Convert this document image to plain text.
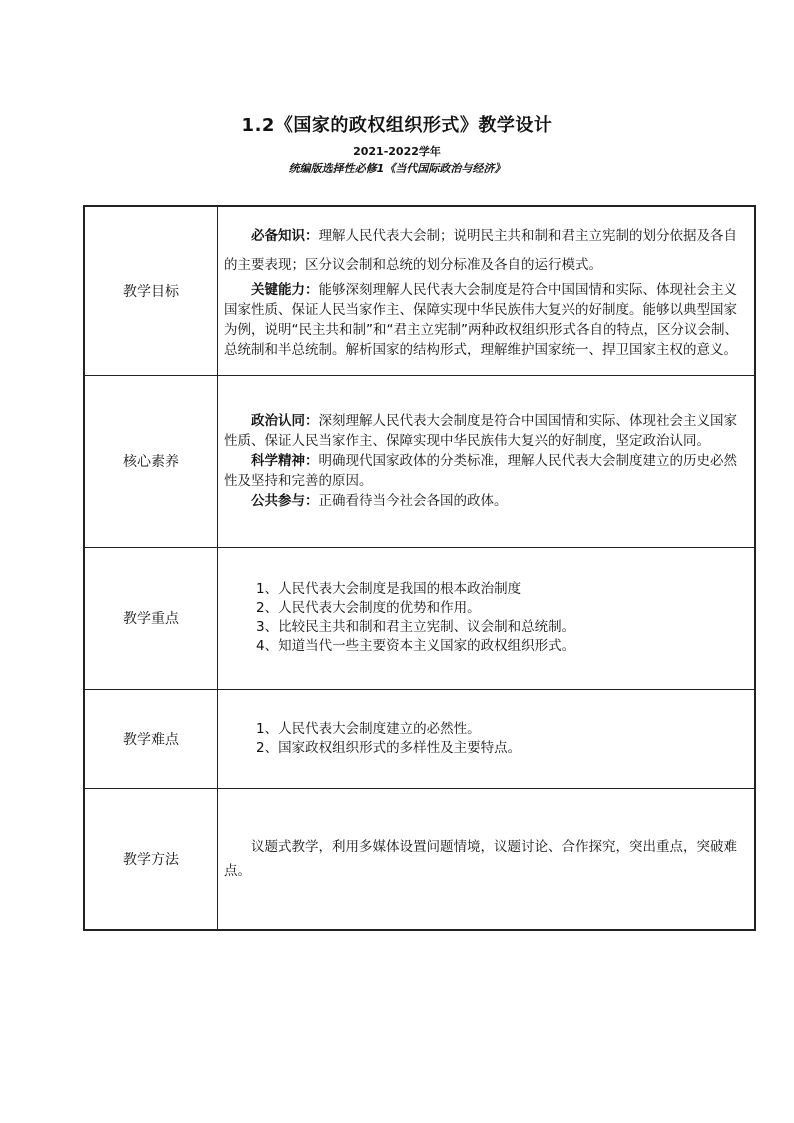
1.2《国家的政权组织形式》教学设计
2021-2022学年
统编版选择性必修1《当代国际政治与经济》
教学目标	必备知识：理解人民代表大会制；说明民主共和制和君主立宪制的划分依据及各自的主要表现；区分议会制和总统的划分标准及各自的运行模式。

关键能力：能够深刻理解人民代表大会制度是符合中国国情和实际、体现社会主义国家性质、保证人民当家作主、保障实现中华民族伟大复兴的好制度。能够以典型国家为例，说明“民主共和制”和“君主立宪制”两种政权组织形式各自的特点，区分议会制、总统制和半总统制。解析国家的结构形式，理解维护国家统一、捍卫国家主权的意义。

核心素养	政治认同：深刻理解人民代表大会制度是符合中国国情和实际、体现社会主义国家性质、保证人民当家作主、保障实现中华民族伟大复兴的好制度，坚定政治认同。

科学精神：明确现代国家政体的分类标准，理解人民代表大会制度建立的历史必然性及坚持和完善的原因。

公共参与：正确看待当今社会各国的政体。

教学重点	1、人民代表大会制度是我国的根本政治制度
2、人民代表大会制度的优势和作用。
3、比较民主共和制和君主立宪制、议会制和总统制。
4、知道当代一些主要资本主义国家的政权组织形式。

教学难点	1、人民代表大会制度建立的必然性。
2、国家政权组织形式的多样性及主要特点。

教学方法	议题式教学，利用多媒体设置问题情境，议题讨论、合作探究，突出重点，突破难点。
